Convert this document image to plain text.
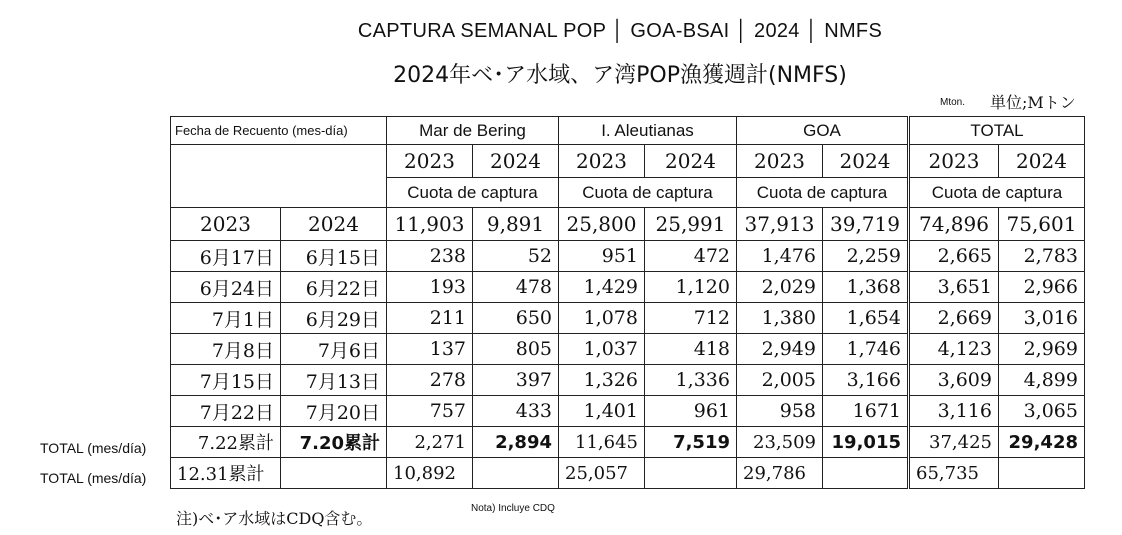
CAPTURA SEMANAL POP │ GOA-BSAI │ 2024 │ NMFS
2024年ベ･ア水域、ア湾POP漁獲週計(NMFS)
Mton. 単位;Mトン
Fecha de Recuento (mes-día)		Mar de Bering		I. Aleutianas		GOA		TOTAL	
		2023	2024	2023	2024	2023	2024	2023	2024
		Cuota de captura		Cuota de captura		Cuota de captura		Cuota de captura	
2023	2024	11,903	9,891	25,800	25,991	37,913	39,719	74,896	75,601
6月17日	6月15日	238	52	951	472	1,476	2,259	2,665	2,783
6月24日	6月22日	193	478	1,429	1,120	2,029	1,368	3,651	2,966
7月1日	6月29日	211	650	1,078	712	1,380	1,654	2,669	3,016
7月8日	7月6日	137	805	1,037	418	2,949	1,746	4,123	2,969
7月15日	7月13日	278	397	1,326	1,336	2,005	3,166	3,609	4,899
7月22日	7月20日	757	433	1,401	961	958	1671	3,116	3,065
7.22累計	7.20累計	2,271	2,894	11,645	7,519	23,509	19,015	37,425	29,428
12.31累計		10,892		25,057		29,786		65,735	
TOTAL (mes/día)
TOTAL (mes/día)
注)ベ･ア水域はCDQ含む。
Nota) Incluye CDQ
